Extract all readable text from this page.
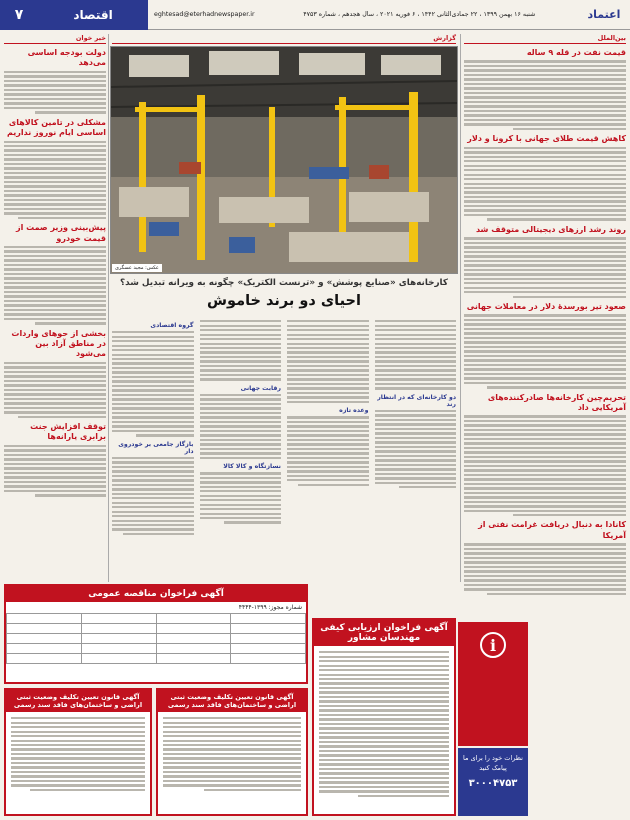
اعتماد
شنبه ۱۶ بهمن ۱۳۹۹ ، ۲۲ جمادی‌الثانی ۱۴۴۲ ، ۶ فوریه ۲۰۲۱ ، سال هجدهم ، شماره ۴۷۵۳
eghtesad@eterhadnewspaper.ir
اقتصاد
۷
بین‌الملل
قیمت نفت در قله ۹ ساله
کاهش قیمت طلای جهانی با کرونا و دلار
روند رشد ارزهای دیجیتالی متوقف شد
صعود تیر بورسدۀ دلار در معاملات جهانی
تحریم‌چین کارخانه‌ها صادرکننده‌های آمریکایی داد
کانادا به دنبال دریافت غرامت نفتی از آمریکا
خبر خوان
دولت بودجه اساسی می‌دهد
مشکلی در تامین کالاهای اساسی ایام نوروز نداریم
پیش‌بینی وزیر صمت از قیمت خودرو
بخشی از حوهای واردات در مناطق آزاد بین می‌شود
توقف افزایش جنت برابری یارانه‌ها
گزارش
عکس: مجید عسگری
کارخانه‌های «صنایع پوشش» و «ترنست الکتریک» چگونه به ویرانه تبدیل شد؟
احیای دو برند خاموش
گروه اقتصادی
بازگاز جامعی بر خودروی دار
رقابت جهانی
نسازتگاه و کالا کالا
وعده تازه
دو کارخانه‌ای که در انتظار رند
آگهی فراخوان مناقصه عمومی
شماره مجوز: ۱۳۹۹-۴۴۴۴

آگهی فراخوان ارزیابی کیفی مهندسان مشاور
آگهی قانون تعیین تکلیف وضعیت ثبتی اراضی و ساختمان‌های فاقد سند رسمی
آگهی قانون تعیین تکلیف وضعیت ثبتی اراضی و ساختمان‌های فاقد سند رسمی
i
نظرات خود را برای ما پیامک کنید
۳۰۰۰۴۷۵۳
